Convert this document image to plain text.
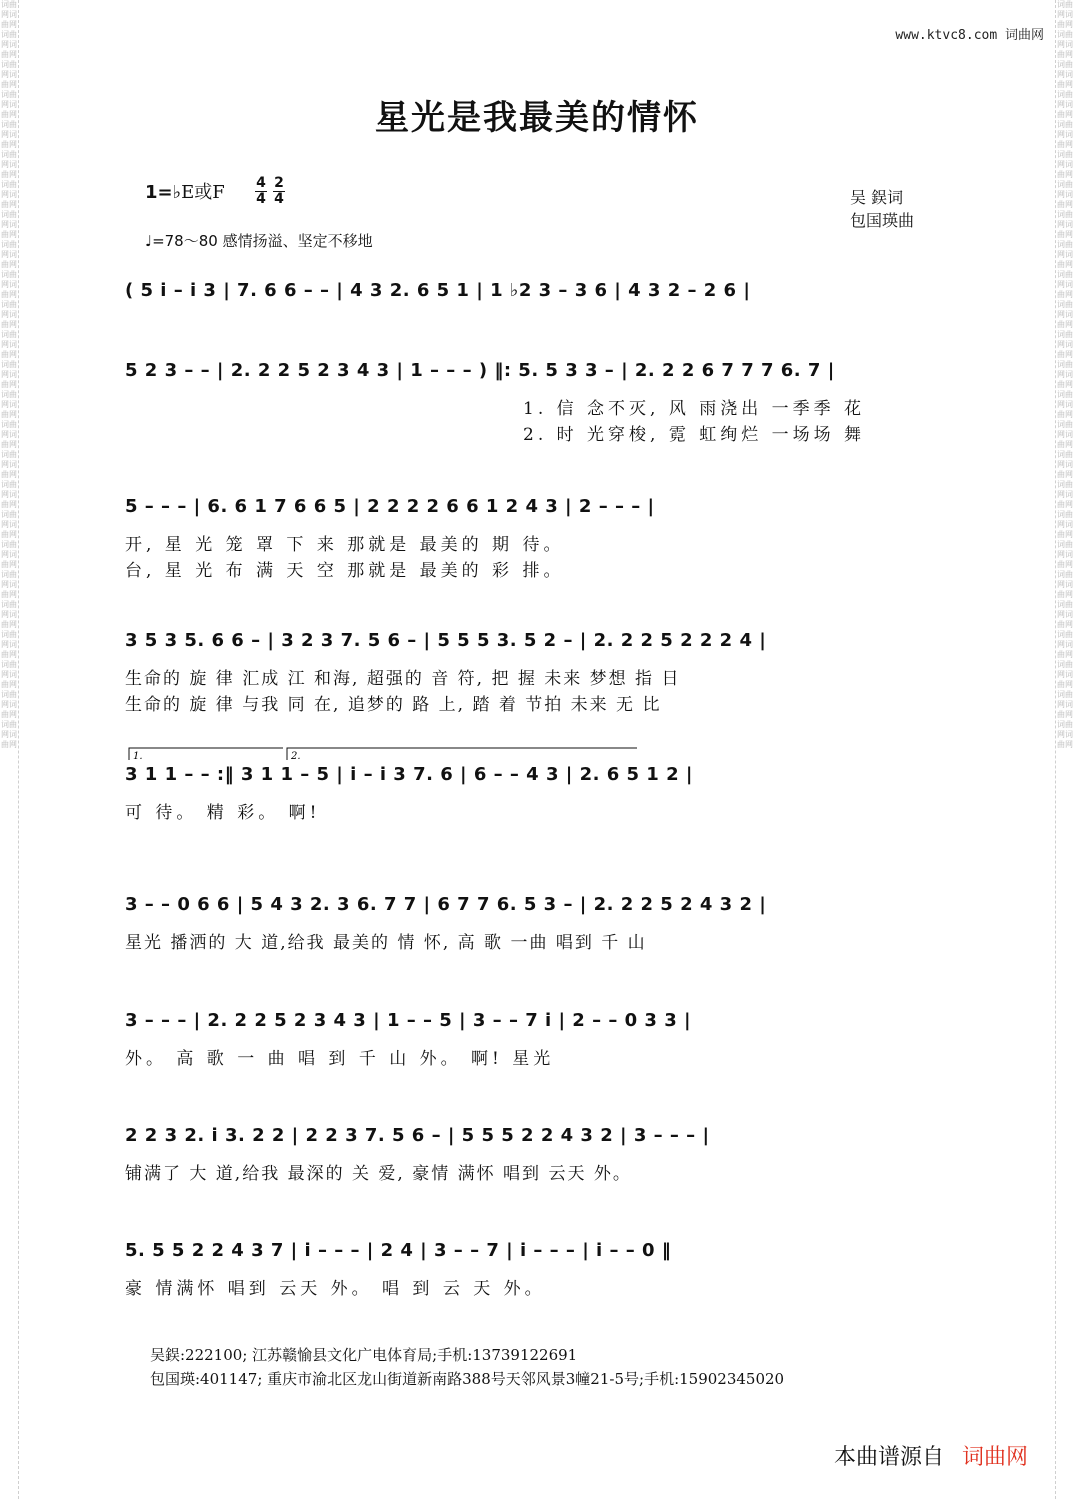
词曲网词曲网词曲网词曲网词曲网词曲网词曲网词曲网词曲网词曲网词曲网词曲网词曲网词曲网词曲网词曲网词曲网词曲网词曲网词曲网词曲网词曲网词曲网词曲网词曲网词曲网词曲网词曲网词曲网词曲网词曲网词曲网词曲网词曲网词曲网词曲网词曲网词曲网词曲网词曲网词曲网词曲网词曲网词曲网词曲网词曲网词曲网词曲网词曲网词曲网
词曲网词曲网词曲网词曲网词曲网词曲网词曲网词曲网词曲网词曲网词曲网词曲网词曲网词曲网词曲网词曲网词曲网词曲网词曲网词曲网词曲网词曲网词曲网词曲网词曲网词曲网词曲网词曲网词曲网词曲网词曲网词曲网词曲网词曲网词曲网词曲网词曲网词曲网词曲网词曲网词曲网词曲网词曲网词曲网词曲网词曲网词曲网词曲网词曲网词曲网
www.ktvc8.com 词曲网
星光是我最美的情怀
1=♭E或F $\frac{4}{4} \frac{2}{4}$
♩=78～80 感情扬溢、坚定不移地
吴 鋘词
包国瑛曲
( 5 i – i 3 | 7. 6 6 – – | 4 3 2. 6 5 1 | 1 ♭2 3 – 3 6 | 4 3 2 – 2 6 |
5 2 3 – – | 2. 2 2 5 2 3 4 3 | 1 – – – ) ‖: 5. 5 3 3 – | 2. 2 2 6 7 7 7 6. 7 |
1. 信 念不灭, 风 雨浇出 一季季 花
2. 时 光穿梭, 霓 虹绚烂 一场场 舞
5 – – – | 6. 6 1 7 6 6 5 | 2 2 2 2 6 6 1 2 4 3 | 2 – – – |
开, 星 光 笼 罩 下 来 那就是 最美的 期 待。
台, 星 光 布 满 天 空 那就是 最美的 彩 排。
3 5 3 5. 6 6 – | 3 2 3 7. 5 6 – | 5 5 5 3. 5 2 – | 2. 2 2 5 2 2 2 4 |
生命的 旋 律 汇成 江 和海, 超强的 音 符, 把 握 未来 梦想 指 日
生命的 旋 律 与我 同 在, 追梦的 路 上, 踏 着 节拍 未来 无 比
1.	2.
3 1 1 – – :‖ 3 1 1 – 5 | i – i 3 7. 6 | 6 – – 4 3 | 2. 6 5 1 2 |
可 待。 精 彩。 啊!
3 – – 0 6 6 | 5 4 3 2. 3 6. 7 7 | 6 7 7 6. 5 3 – | 2. 2 2 5 2 4 3 2 |
星光 播洒的 大 道,给我 最美的 情 怀, 高 歌 一曲 唱到 千 山
3 – – – | 2. 2 2 5 2 3 4 3 | 1 – – 5 | 3 – – 7 i | 2 – – 0 3 3 |
外。 高 歌 一 曲 唱 到 千 山 外。 啊! 星光
2 2 3 2. i 3. 2 2 | 2 2 3 7. 5 6 – | 5 5 5 2 2 4 3 2 | 3 – – – |
铺满了 大 道,给我 最深的 关 爱, 豪情 满怀 唱到 云天 外。
5. 5 5 2 2 4 3 7 | i – – – | 2 4 | 3 – – 7 | i – – – | i – – 0 ‖
豪 情满怀 唱到 云天 外。 唱 到 云 天 外。
吴鋘:222100; 江苏赣愉县文化广电体育局;手机:13739122691
包国瑛:401147; 重庆市渝北区龙山街道新南路388号天邻风景3幢21-5号;手机:15902345020
本曲谱源自 词曲网
